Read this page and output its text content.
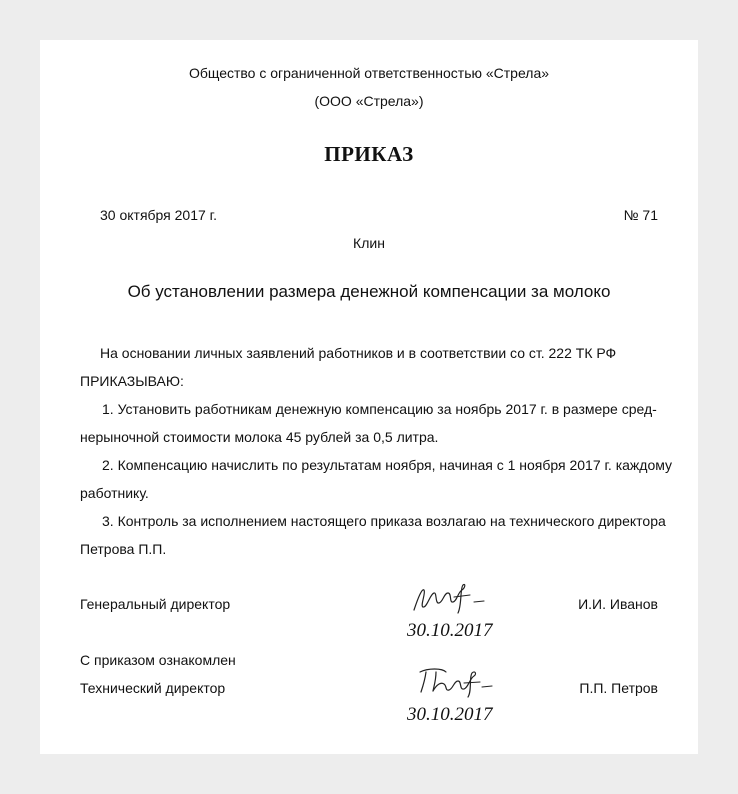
Общество с ограниченной ответственностью «Стрела»
(ООО «Стрела»)
ПРИКАЗ
30 октября 2017 г.	№ 71
Клин
Об установлении размера денежной компенсации за молоко
На основании личных заявлений работников и в соответствии со ст. 222 ТК РФ
ПРИКАЗЫВАЮ:
1. Установить работникам денежную компенсацию за ноябрь 2017 г. в размере сред-
нерыночной стоимости молока 45 рублей за 0,5 литра.
2. Компенсацию начислить по результатам ноября, начиная с 1 ноября 2017 г. каждому
работнику.
3. Контроль за исполнением настоящего приказа возлагаю на технического директора
Петрова П.П.
Генеральный директор
30.10.2017
И.И. Иванов
С приказом ознакомлен
Технический директор
30.10.2017
П.П. Петров
